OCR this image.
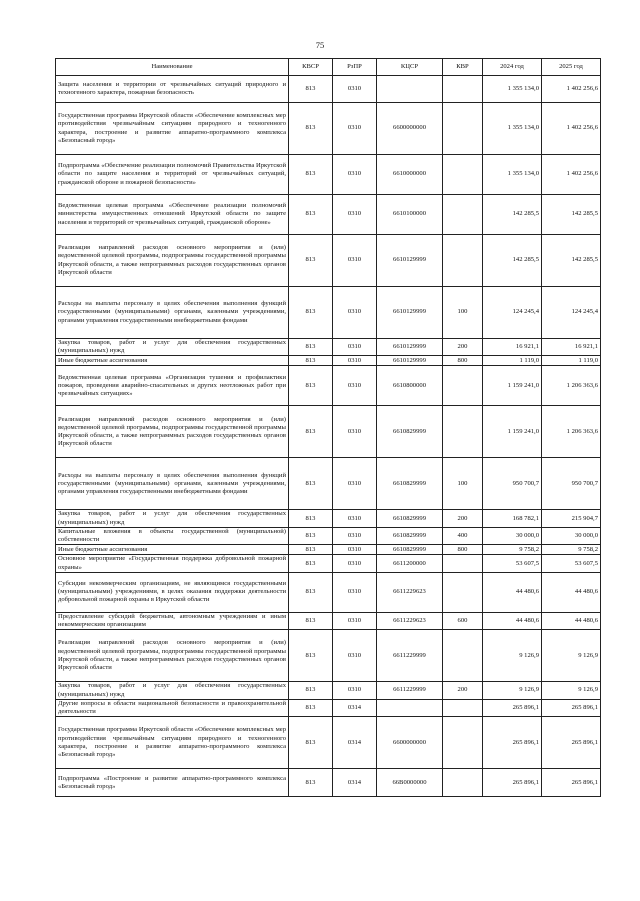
75
Наименование	КВСР	РзПР	КЦСР	КВР	2024 год	2025 год
Защита населения и территории от чрезвычайных ситуаций природного и техногенного характера, пожарная безопасность	813	0310			1 355 134,0	1 402 256,6
Государственная программа Иркутской области «Обеспечение комплексных мер противодействия чрезвычайным ситуациям природного и техногенного характера, построение и развитие аппаратно-программного комплекса «Безопасный город»	813	0310	6600000000		1 355 134,0	1 402 256,6
Подпрограмма «Обеспечение реализации полномочий Правительства Иркутской области по защите населения и территорий от чрезвычайных ситуаций, гражданской обороне и пожарной безопасности»	813	0310	6610000000		1 355 134,0	1 402 256,6
Ведомственная целевая программа «Обеспечение реализации полномочий министерства имущественных отношений Иркутской области по защите населения и территорий от чрезвычайных ситуаций, гражданской обороне»	813	0310	6610100000		142 285,5	142 285,5
Реализация направлений расходов основного мероприятия и (или) ведомственной целевой программы, подпрограммы государственной программы Иркутской области, а также непрограммных расходов государственных органов Иркутской области	813	0310	6610129999		142 285,5	142 285,5
Расходы на выплаты персоналу в целях обеспечения выполнения функций государственными (муниципальными) органами, казенными учреждениями, органами управления государственными внебюджетными фондами	813	0310	6610129999	100	124 245,4	124 245,4
Закупка товаров, работ и услуг для обеспечения государственных (муниципальных) нужд	813	0310	6610129999	200	16 921,1	16 921,1
Иные бюджетные ассигнования	813	0310	6610129999	800	1 119,0	1 119,0
Ведомственная целевая программа «Организация тушения и профилактики пожаров, проведения аварийно-спасательных и других неотложных работ при чрезвычайных ситуациях»	813	0310	6610800000		1 159 241,0	1 206 363,6
Реализация направлений расходов основного мероприятия и (или) ведомственной целевой программы, подпрограммы государственной программы Иркутской области, а также непрограммных расходов государственных органов Иркутской области	813	0310	6610829999		1 159 241,0	1 206 363,6
Расходы на выплаты персоналу в целях обеспечения выполнения функций государственными (муниципальными) органами, казенными учреждениями, органами управления государственными внебюджетными фондами	813	0310	6610829999	100	950 700,7	950 700,7
Закупка товаров, работ и услуг для обеспечения государственных (муниципальных) нужд	813	0310	6610829999	200	168 782,1	215 904,7
Капитальные вложения в объекты государственной (муниципальной) собственности	813	0310	6610829999	400	30 000,0	30 000,0
Иные бюджетные ассигнования	813	0310	6610829999	800	9 758,2	9 758,2
Основное мероприятие «Государственная поддержка добровольной пожарной охраны»	813	0310	6611200000		53 607,5	53 607,5
Субсидии некоммерческим организациям, не являющимся государственными (муниципальными) учреждениями, в целях оказания поддержки деятельности добровольной пожарной охраны в Иркутской области	813	0310	6611229623		44 480,6	44 480,6
Предоставление субсидий бюджетным, автономным учреждениям и иным некоммерческим организациям	813	0310	6611229623	600	44 480,6	44 480,6
Реализация направлений расходов основного мероприятия и (или) ведомственной целевой программы, подпрограммы государственной программы Иркутской области, а также непрограммных расходов государственных органов Иркутской области	813	0310	6611229999		9 126,9	9 126,9
Закупка товаров, работ и услуг для обеспечения государственных (муниципальных) нужд	813	0310	6611229999	200	9 126,9	9 126,9
Другие вопросы в области национальной безопасности и правоохранительной деятельности	813	0314			265 896,1	265 896,1
Государственная программа Иркутской области «Обеспечение комплексных мер противодействия чрезвычайным ситуациям природного и техногенного характера, построение и развитие аппаратно-программного комплекса «Безопасный город»	813	0314	6600000000		265 896,1	265 896,1
Подпрограмма «Построение и развитие аппаратно-программного комплекса «Безопасный город»	813	0314	66В0000000		265 896,1	265 896,1
